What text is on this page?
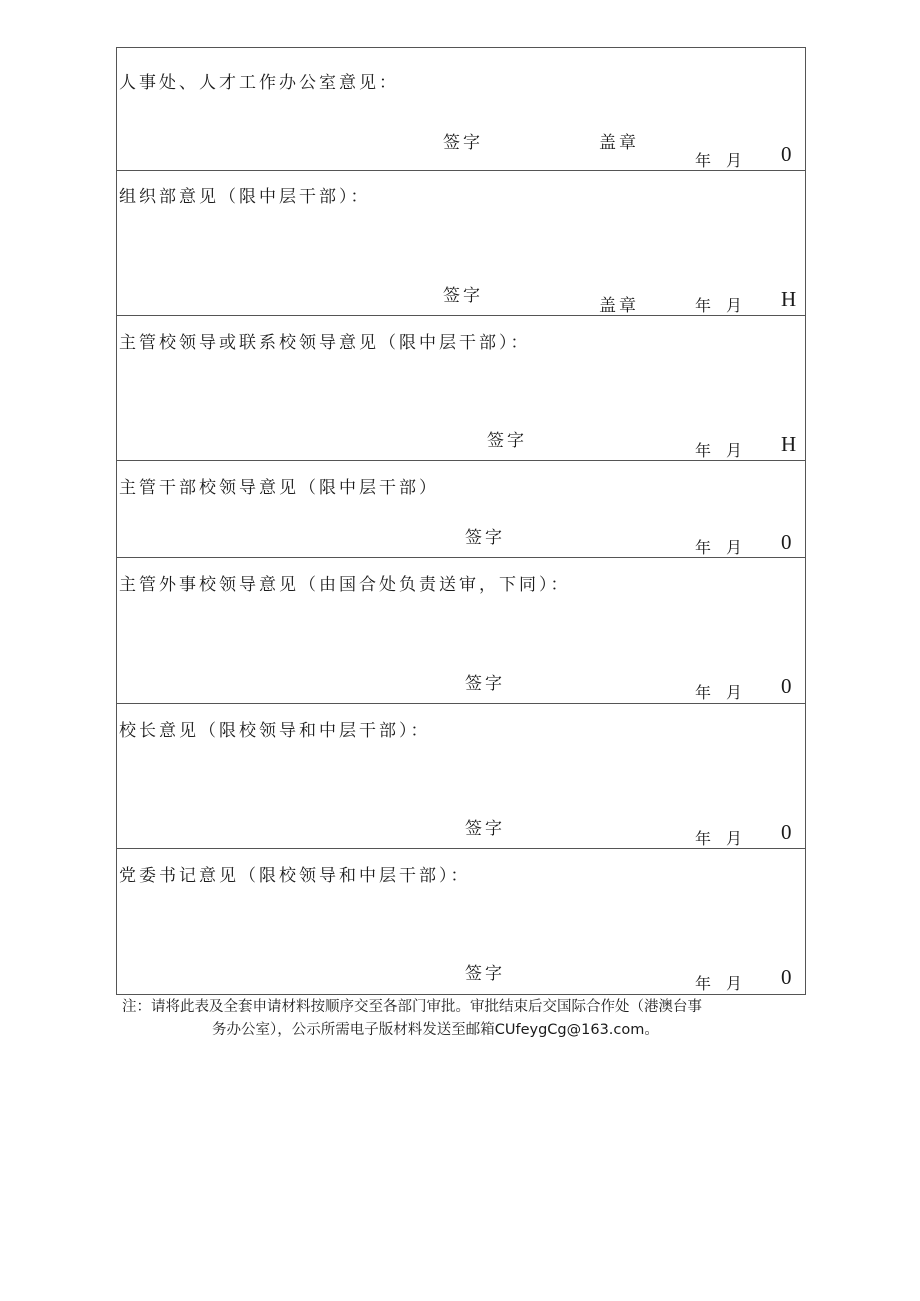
人事处、人才工作办公室意见：
签字	盖章
年 月 0
组织部意见（限中层干部）：
签字	盖章	年 月 H
主管校领导或联系校领导意见（限中层干部）：
签字	年 月 H
主管干部校领导意见（限中层干部）
签字	年 月 0
主管外事校领导意见（由国合处负责送审，下同）：
签字	年 月 0
校长意见（限校领导和中层干部）：
签字	年 月 0
党委书记意见（限校领导和中层干部）：
签字	年 月 0
注：请将此表及全套申请材料按顺序交至各部门审批。审批结束后交国际合作处（港澳台事
务办公室），公示所需电子版材料发送至邮箱CUfeygCg@163.com。
